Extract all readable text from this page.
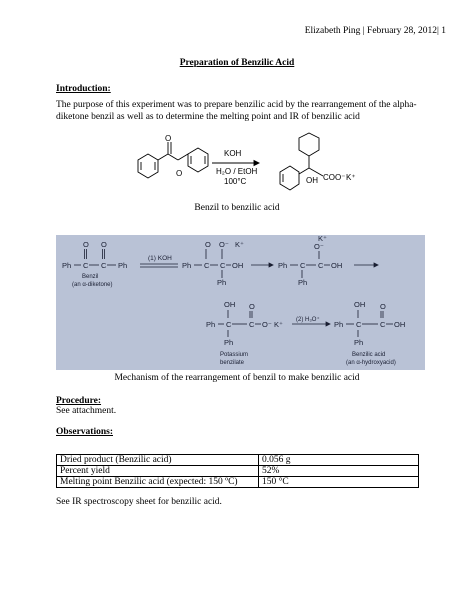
Elizabeth Ping | February 28, 2012| 1
Preparation of Benzilic Acid
Introduction:
The purpose of this experiment was to prepare benzilic acid by the rearrangement of the alpha-
diketone benzil as well as to determine the melting point and IR of benzilic acid
O
O
KOH
H₂O / EtOH
100°C	OH COO⁻ K⁺
Benzil to benzilic acid
Ph C C Ph
O O
Benzil
(an α-diketone)
(1) KOH
Ph C C OH
O O⁻ K⁺
Ph
Ph C C OH
O⁻
K⁺
Ph
OH
Ph C C O⁻ K⁺
O
Ph
Potassium
benzilate
(2) H₃O⁺
OH
Ph C C OH
O
Ph
Benzilic acid
(an α-hydroxyacid)
Mechanism of the rearrangement of benzil to make benzilic acid
Procedure:
See attachment.
Observations:
Dried product (Benzilic acid)	0.056 g
Percent yield	52%
Melting point Benzilic acid (expected: 150 ºC)	150 °C
See IR spectroscopy sheet for benzilic acid.
